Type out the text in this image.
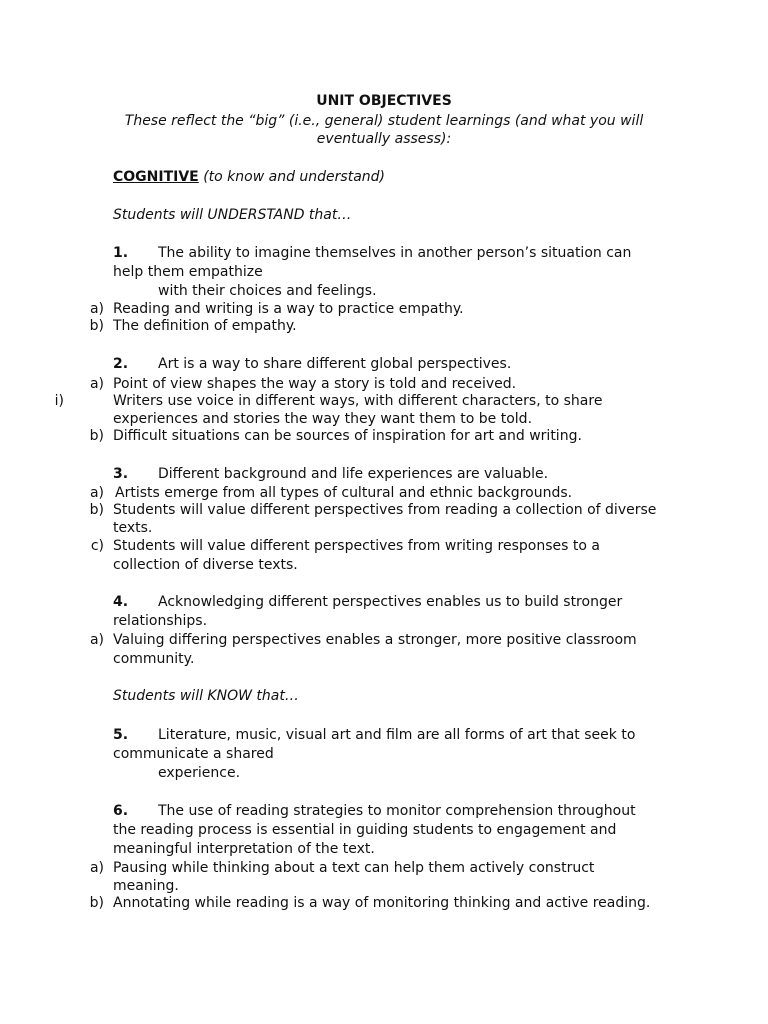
UNIT OBJECTIVES
These reflect the “big” (i.e., general) student learnings (and what you will
eventually assess):
COGNITIVE (to know and understand)
Students will UNDERSTAND that…
1. The ability to imagine themselves in another person’s situation can
help them empathize
with their choices and feelings.
a) Reading and writing is a way to practice empathy.
b) The definition of empathy.
2. Art is a way to share different global perspectives.
a) Point of view shapes the way a story is told and received.
i)	Writers use voice in different ways, with different characters, to share
experiences and stories the way they want them to be told.
b) Difficult situations can be sources of inspiration for art and writing.
3. Different background and life experiences are valuable.
a) Artists emerge from all types of cultural and ethnic backgrounds.
b) Students will value different perspectives from reading a collection of diverse
texts.
c) Students will value different perspectives from writing responses to a
collection of diverse texts.
4. Acknowledging different perspectives enables us to build stronger
relationships.
a) Valuing differing perspectives enables a stronger, more positive classroom
community.
Students will KNOW that…
5. Literature, music, visual art and film are all forms of art that seek to
communicate a shared
experience.
6. The use of reading strategies to monitor comprehension throughout
the reading process is essential in guiding students to engagement and
meaningful interpretation of the text.
a) Pausing while thinking about a text can help them actively construct
meaning.
b) Annotating while reading is a way of monitoring thinking and active reading.
